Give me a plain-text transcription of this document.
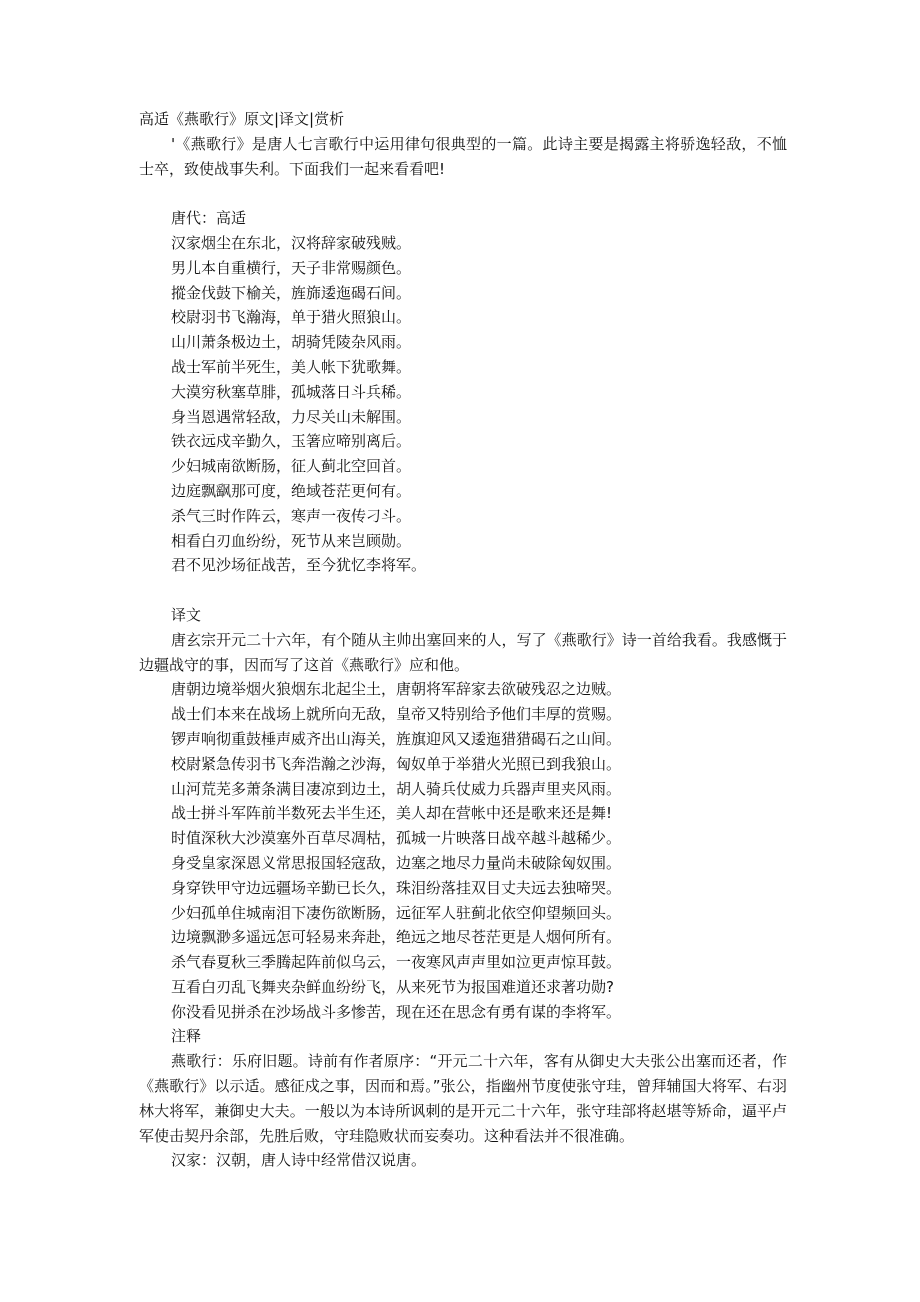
高适《燕歌行》原文|译文|赏析
'《燕歌行》是唐人七言歌行中运用律句很典型的一篇。此诗主要是揭露主将骄逸轻敌，不恤士卒，致使战事失利。下面我们一起来看看吧!
唐代：高适
汉家烟尘在东北，汉将辞家破残贼。
男儿本自重横行，天子非常赐颜色。
摐金伐鼓下榆关，旌旆逶迤碣石间。
校尉羽书飞瀚海，单于猎火照狼山。
山川萧条极边土，胡骑凭陵杂风雨。
战士军前半死生，美人帐下犹歌舞。
大漠穷秋塞草腓，孤城落日斗兵稀。
身当恩遇常轻敌，力尽关山未解围。
铁衣远戍辛勤久，玉箸应啼别离后。
少妇城南欲断肠，征人蓟北空回首。
边庭飘飖那可度，绝域苍茫更何有。
杀气三时作阵云，寒声一夜传刁斗。
相看白刃血纷纷，死节从来岂顾勋。
君不见沙场征战苦，至今犹忆李将军。
译文
唐玄宗开元二十六年，有个随从主帅出塞回来的人，写了《燕歌行》诗一首给我看。我感慨于边疆战守的事，因而写了这首《燕歌行》应和他。
唐朝边境举烟火狼烟东北起尘土，唐朝将军辞家去欲破残忍之边贼。
战士们本来在战场上就所向无敌，皇帝又特别给予他们丰厚的赏赐。
锣声响彻重鼓棰声威齐出山海关，旌旗迎风又逶迤猎猎碣石之山间。
校尉紧急传羽书飞奔浩瀚之沙海，匈奴单于举猎火光照已到我狼山。
山河荒芜多萧条满目凄凉到边土，胡人骑兵仗威力兵器声里夹风雨。
战士拼斗军阵前半数死去半生还，美人却在营帐中还是歌来还是舞!
时值深秋大沙漠塞外百草尽凋枯，孤城一片映落日战卒越斗越稀少。
身受皇家深恩义常思报国轻寇敌，边塞之地尽力量尚未破除匈奴围。
身穿铁甲守边远疆场辛勤已长久，珠泪纷落挂双目丈夫远去独啼哭。
少妇孤单住城南泪下凄伤欲断肠，远征军人驻蓟北依空仰望频回头。
边境飘渺多遥远怎可轻易来奔赴，绝远之地尽苍茫更是人烟何所有。
杀气春夏秋三季腾起阵前似乌云，一夜寒风声声里如泣更声惊耳鼓。
互看白刃乱飞舞夹杂鲜血纷纷飞，从来死节为报国难道还求著功勋?
你没看见拼杀在沙场战斗多惨苦，现在还在思念有勇有谋的李将军。
注释
燕歌行：乐府旧题。诗前有作者原序：“开元二十六年，客有从御史大夫张公出塞而还者，作《燕歌行》以示适。感征戍之事，因而和焉。”张公，指幽州节度使张守珪，曾拜辅国大将军、右羽林大将军，兼御史大夫。一般以为本诗所讽刺的是开元二十六年，张守珪部将赵堪等矫命，逼平卢军使击契丹余部，先胜后败，守珪隐败状而妄奏功。这种看法并不很准确。
汉家：汉朝，唐人诗中经常借汉说唐。
